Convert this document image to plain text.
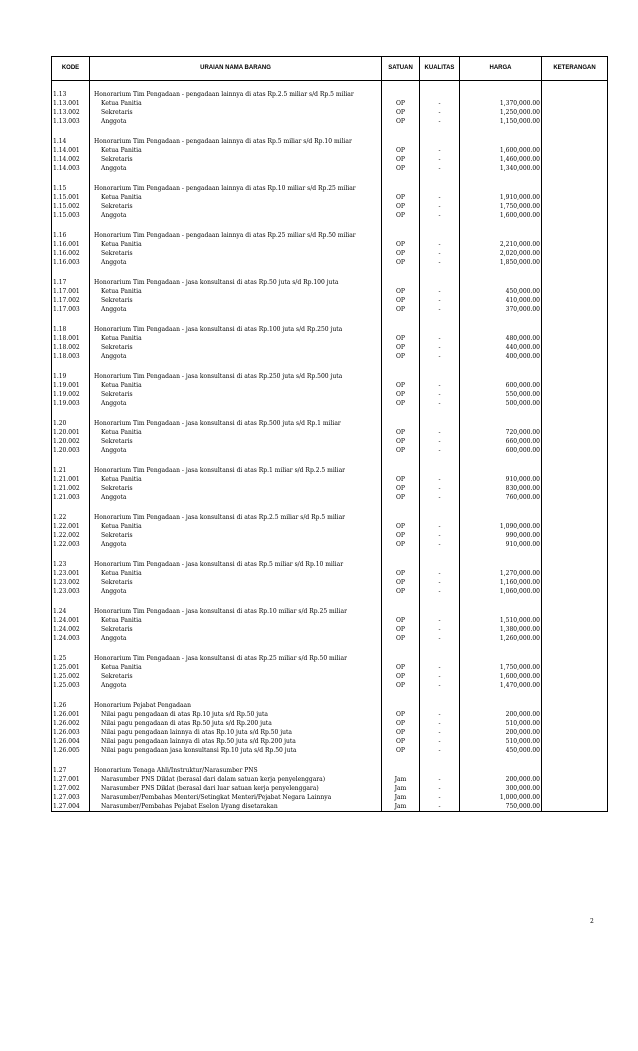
KODE	URAIAN NAMA BARANG	SATUAN	KUALITAS	HARGA	KETERANGAN

1.13	Honorarium Tim Pengadaan - pengadaan lainnya di atas Rp.2.5 miliar s/d Rp.5 miliar				
1.13.001	Ketua Panitia	OP	-	1,370,000.00	
1.13.002	Sekretaris	OP	-	1,250,000.00	
1.13.003	Anggota	OP	-	1,150,000.00	

1.14	Honorarium Tim Pengadaan - pengadaan lainnya di atas Rp.5 miliar s/d Rp.10 miliar				
1.14.001	Ketua Panitia	OP	-	1,600,000.00	
1.14.002	Sekretaris	OP	-	1,460,000.00	
1.14.003	Anggota	OP	-	1,340,000.00	

1.15	Honorarium Tim Pengadaan - pengadaan lainnya di atas Rp.10 miliar s/d Rp.25 miliar				
1.15.001	Ketua Panitia	OP	-	1,910,000.00	
1.15.002	Sekretaris	OP	-	1,750,000.00	
1.15.003	Anggota	OP	-	1,600,000.00	

1.16	Honorarium Tim Pengadaan - pengadaan lainnya di atas Rp.25 miliar s/d Rp.50 miliar				
1.16.001	Ketua Panitia	OP	-	2,210,000.00	
1.16.002	Sekretaris	OP	-	2,020,000.00	
1.16.003	Anggota	OP	-	1,850,000.00	

1.17	Honorarium Tim Pengadaan - jasa konsultansi di atas Rp.50 juta s/d Rp.100 juta				
1.17.001	Ketua Panitia	OP	-	450,000.00	
1.17.002	Sekretaris	OP	-	410,000.00	
1.17.003	Anggota	OP	-	370,000.00	

1.18	Honorarium Tim Pengadaan - jasa konsultansi di atas Rp.100 juta s/d Rp.250 juta				
1.18.001	Ketua Panitia	OP	-	480,000.00	
1.18.002	Sekretaris	OP	-	440,000.00	
1.18.003	Anggota	OP	-	400,000.00	

1.19	Honorarium Tim Pengadaan - jasa konsultansi di atas Rp.250 juta s/d Rp.500 juta				
1.19.001	Ketua Panitia	OP	-	600,000.00	
1.19.002	Sekretaris	OP	-	550,000.00	
1.19.003	Anggota	OP	-	500,000.00	

1.20	Honorarium Tim Pengadaan - jasa konsultansi di atas Rp.500 juta s/d Rp.1 miliar				
1.20.001	Ketua Panitia	OP	-	720,000.00	
1.20.002	Sekretaris	OP	-	660,000.00	
1.20.003	Anggota	OP	-	600,000.00	

1.21	Honorarium Tim Pengadaan - jasa konsultansi di atas Rp.1 miliar s/d Rp.2.5 miliar				
1.21.001	Ketua Panitia	OP	-	910,000.00	
1.21.002	Sekretaris	OP	-	830,000.00	
1.21.003	Anggota	OP	-	760,000.00	

1.22	Honorarium Tim Pengadaan - jasa konsultansi di atas Rp.2.5 miliar s/d Rp.5 miliar				
1.22.001	Ketua Panitia	OP	-	1,090,000.00	
1.22.002	Sekretaris	OP	-	990,000.00	
1.22.003	Anggota	OP	-	910,000.00	

1.23	Honorarium Tim Pengadaan - jasa konsultansi di atas Rp.5 miliar s/d Rp.10 miliar				
1.23.001	Ketua Panitia	OP	-	1,270,000.00	
1.23.002	Sekretaris	OP	-	1,160,000.00	
1.23.003	Anggota	OP	-	1,060,000.00	

1.24	Honorarium Tim Pengadaan - jasa konsultansi di atas Rp.10 miliar s/d Rp.25 miliar				
1.24.001	Ketua Panitia	OP	-	1,510,000.00	
1.24.002	Sekretaris	OP	-	1,380,000.00	
1.24.003	Anggota	OP	-	1,260,000.00	

1.25	Honorarium Tim Pengadaan - jasa konsultansi di atas Rp.25 miliar s/d Rp.50 miliar				
1.25.001	Ketua Panitia	OP	-	1,750,000.00	
1.25.002	Sekretaris	OP	-	1,600,000.00	
1.25.003	Anggota	OP	-	1,470,000.00	

1.26	Honorarium Pejabat Pengadaan				
1.26.001	Nilai pagu pengadaan di atas Rp.10 juta s/d Rp.50 juta	OP	-	200,000.00	
1.26.002	Nilai pagu pengadaan di atas Rp.50 juta s/d Rp.200 juta	OP	-	510,000.00	
1.26.003	Nilai pagu pengadaan lainnya di atas Rp.10 juta s/d Rp.50 juta	OP	-	200,000.00	
1.26.004	Nilai pagu pengadaan lainnya di atas Rp.50 juta s/d Rp.200 juta	OP	-	510,000.00	
1.26.005	Nilai pagu pengadaan jasa konsultansi Rp.10 juta s/d Rp.50 juta	OP	-	450,000.00	

1.27	Honorarium Tenaga Ahli/Instruktur/Narasumber PNS				
1.27.001	Narasumber PNS Diklat (berasal dari dalam satuan kerja penyelenggara)	Jam	-	200,000.00	
1.27.002	Narasumber PNS Diklat (berasal dari luar satuan kerja penyelenggara)	Jam	-	300,000.00	
1.27.003	Narasumber/Pembahas Menteri/Setingkat Menteri/Pejabat Negara Lainnya	Jam	-	1,000,000.00	
1.27.004	Narasumber/Pembahas Pejabat Eselon I/yang disetarakan	Jam	-	750,000.00	
2
